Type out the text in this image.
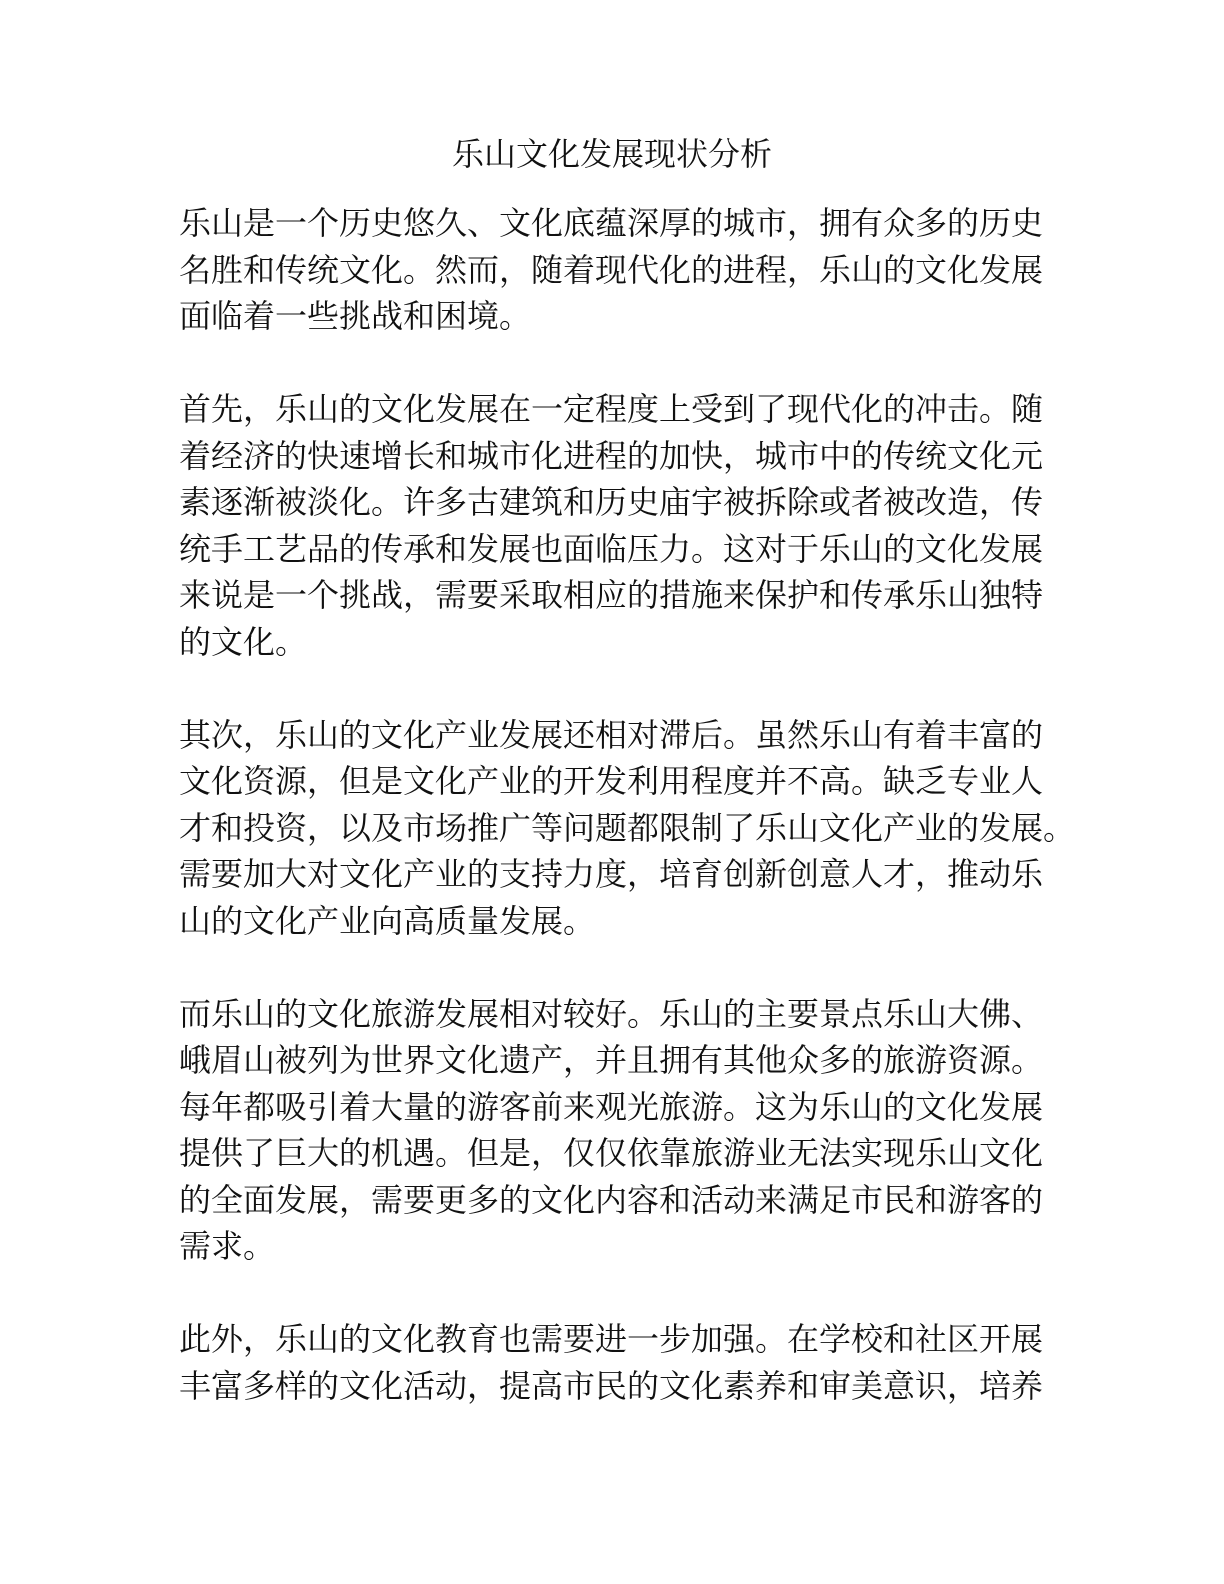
乐山文化发展现状分析

乐山是一个历史悠久、文化底蕴深厚的城市，拥有众多的历史
名胜和传统文化。然而，随着现代化的进程，乐山的文化发展
面临着一些挑战和困境。

首先，乐山的文化发展在一定程度上受到了现代化的冲击。随
着经济的快速增长和城市化进程的加快，城市中的传统文化元
素逐渐被淡化。许多古建筑和历史庙宇被拆除或者被改造，传
统手工艺品的传承和发展也面临压力。这对于乐山的文化发展
来说是一个挑战，需要采取相应的措施来保护和传承乐山独特
的文化。

其次，乐山的文化产业发展还相对滞后。虽然乐山有着丰富的
文化资源，但是文化产业的开发利用程度并不高。缺乏专业人
才和投资，以及市场推广等问题都限制了乐山文化产业的发展。
需要加大对文化产业的支持力度，培育创新创意人才，推动乐
山的文化产业向高质量发展。

而乐山的文化旅游发展相对较好。乐山的主要景点乐山大佛、
峨眉山被列为世界文化遗产，并且拥有其他众多的旅游资源。
每年都吸引着大量的游客前来观光旅游。这为乐山的文化发展
提供了巨大的机遇。但是，仅仅依靠旅游业无法实现乐山文化
的全面发展，需要更多的文化内容和活动来满足市民和游客的
需求。

此外，乐山的文化教育也需要进一步加强。在学校和社区开展
丰富多样的文化活动，提高市民的文化素养和审美意识，培养
